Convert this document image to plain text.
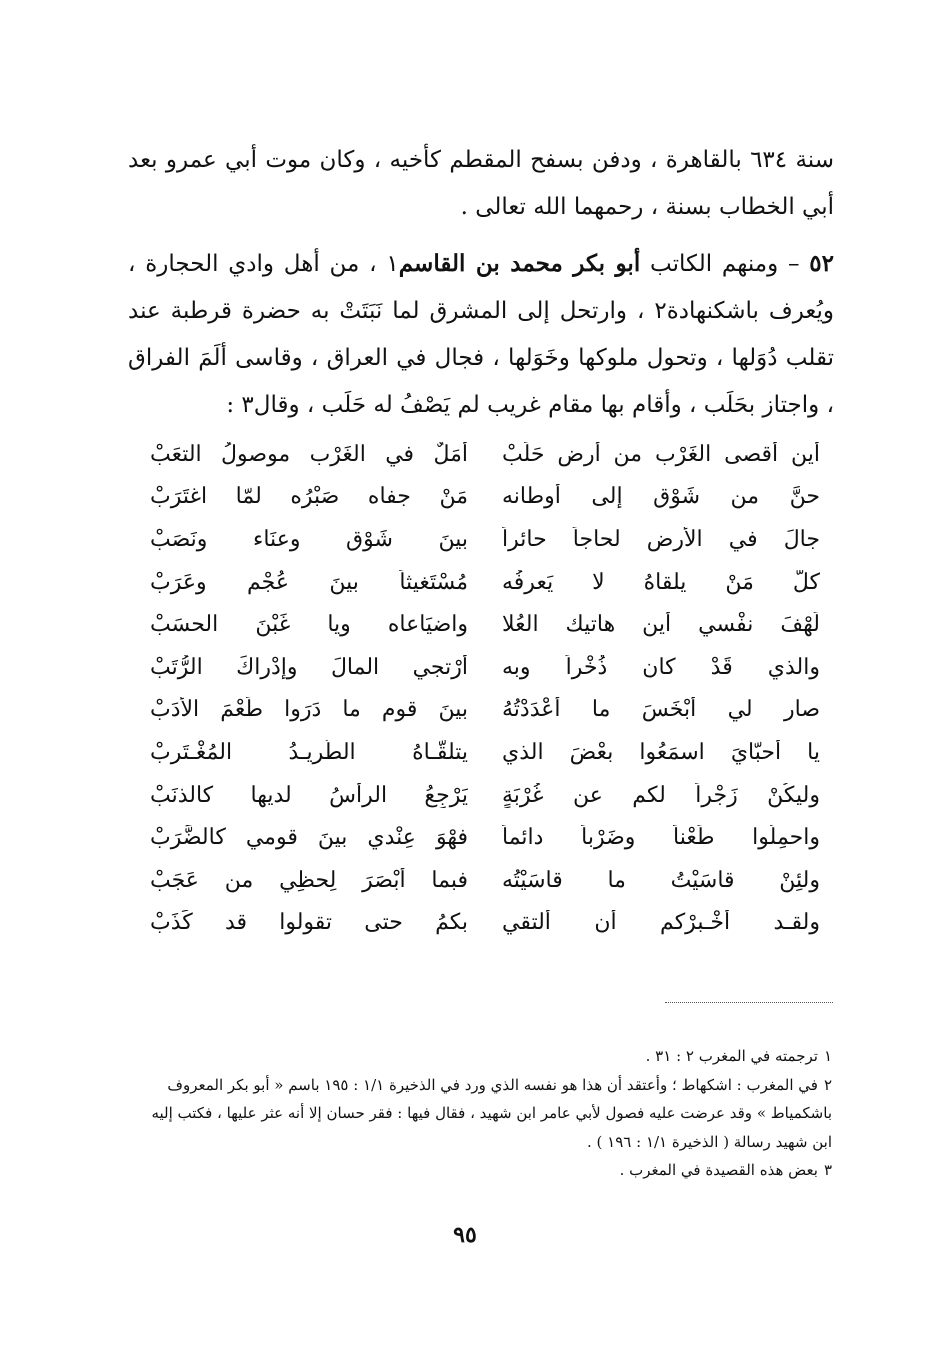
سنة ٦٣٤ بالقاهرة ، ودفن بسفح المقطم كأخيه ، وكان موت أبي عمرو بعد أبي الخطاب بسنة ، رحمهما الله تعالى .

٥٢ – ومنهم الكاتب أبو بكر محمد بن القاسم١ ، من أهل وادي الحجارة ، ويُعرف باشكنهادة٢ ، وارتحل إلى المشرق لما نَبَتَتْ به حضرة قرطبة عند تقلب دُوَلها ، وتحول ملوكها وخَوَلها ، فجال في العراق ، وقاسى ألَمَ الفراق ، واجتاز بحَلَب ، وأقام بها مقام غريب لم يَصْفُ له حَلَب ، وقال٣ :

أين أقصى الغَرْب من أرض حَلَبْ
أمَلٌ في الغَرْب موصولُ التعَبْ
حنَّ من شَوْقٍ إلى أوطانه
مَنْ جفاه صَبْرُه لمّا اغتَرَبْ
جالَ في الأرضِ لحاجاً حائراً
بينَ شَوْقٍ وعنَاء ونَصَبْ
كلُّ مَنْ يلقاهُ لا يَعرِفُه
مُسْتَغيثاً بينَ عُجْمٍ وعَرَبْ
لَهْفَ نفْسي أين هاتيك العُلا
واضيَاعاه ويا غَبْنَ الحسَبْ
والذي قَدْ كان ذُخْراً وبه
أرْتجي المالَ وإدْراكَ الرُّتَبْ
صار لي أبْخَسَ ما أعْدَدْتُهُ
بينَ قوم ما دَرَوا طَعْمَ الأدَبْ
يا أحبّايَ اسمَعُوا بعْضَ الذي
يتلقّـاهُ الطّريـدُ المُغْـتَرِبْ
وليكُنْ زَجْراً لكم عن غُرْبَةٍ
يَرْجِعُ الرأسُ لديها كالذنَبْ
واحمِلُوا طَعْناً وضَرْباً دائماً
فهْوَ عِنْدي بينَ قومي كالضَّرَبْ
ولئِنْ قاسَيْتُ ما قاسَيْتُه
فبما أبْصَرَ لِحظِي من عَجَبْ
ولقـد أخْـبرْكم أن ألتقي
بكمُ حتى تقولوا قد كَذَبْ
١ترجمته في المغرب ٢ : ٣١ .
٢في المغرب : اشكهاط ؛ وأعتقد أن هذا هو نفسه الذي ورد في الذخيرة ١/١ : ١٩٥ باسم « أبو بكر المعروف باشكمياط » وقد عرضت عليه فصول لأبي عامر ابن شهيد ، فقال فيها : فقر حسان إلا أنه عثر عليها ، فكتب إليه ابن شهيد رسالة ( الذخيرة ١/١ : ١٩٦ ) .
٣بعض هذه القصيدة في المغرب .
٩٥
